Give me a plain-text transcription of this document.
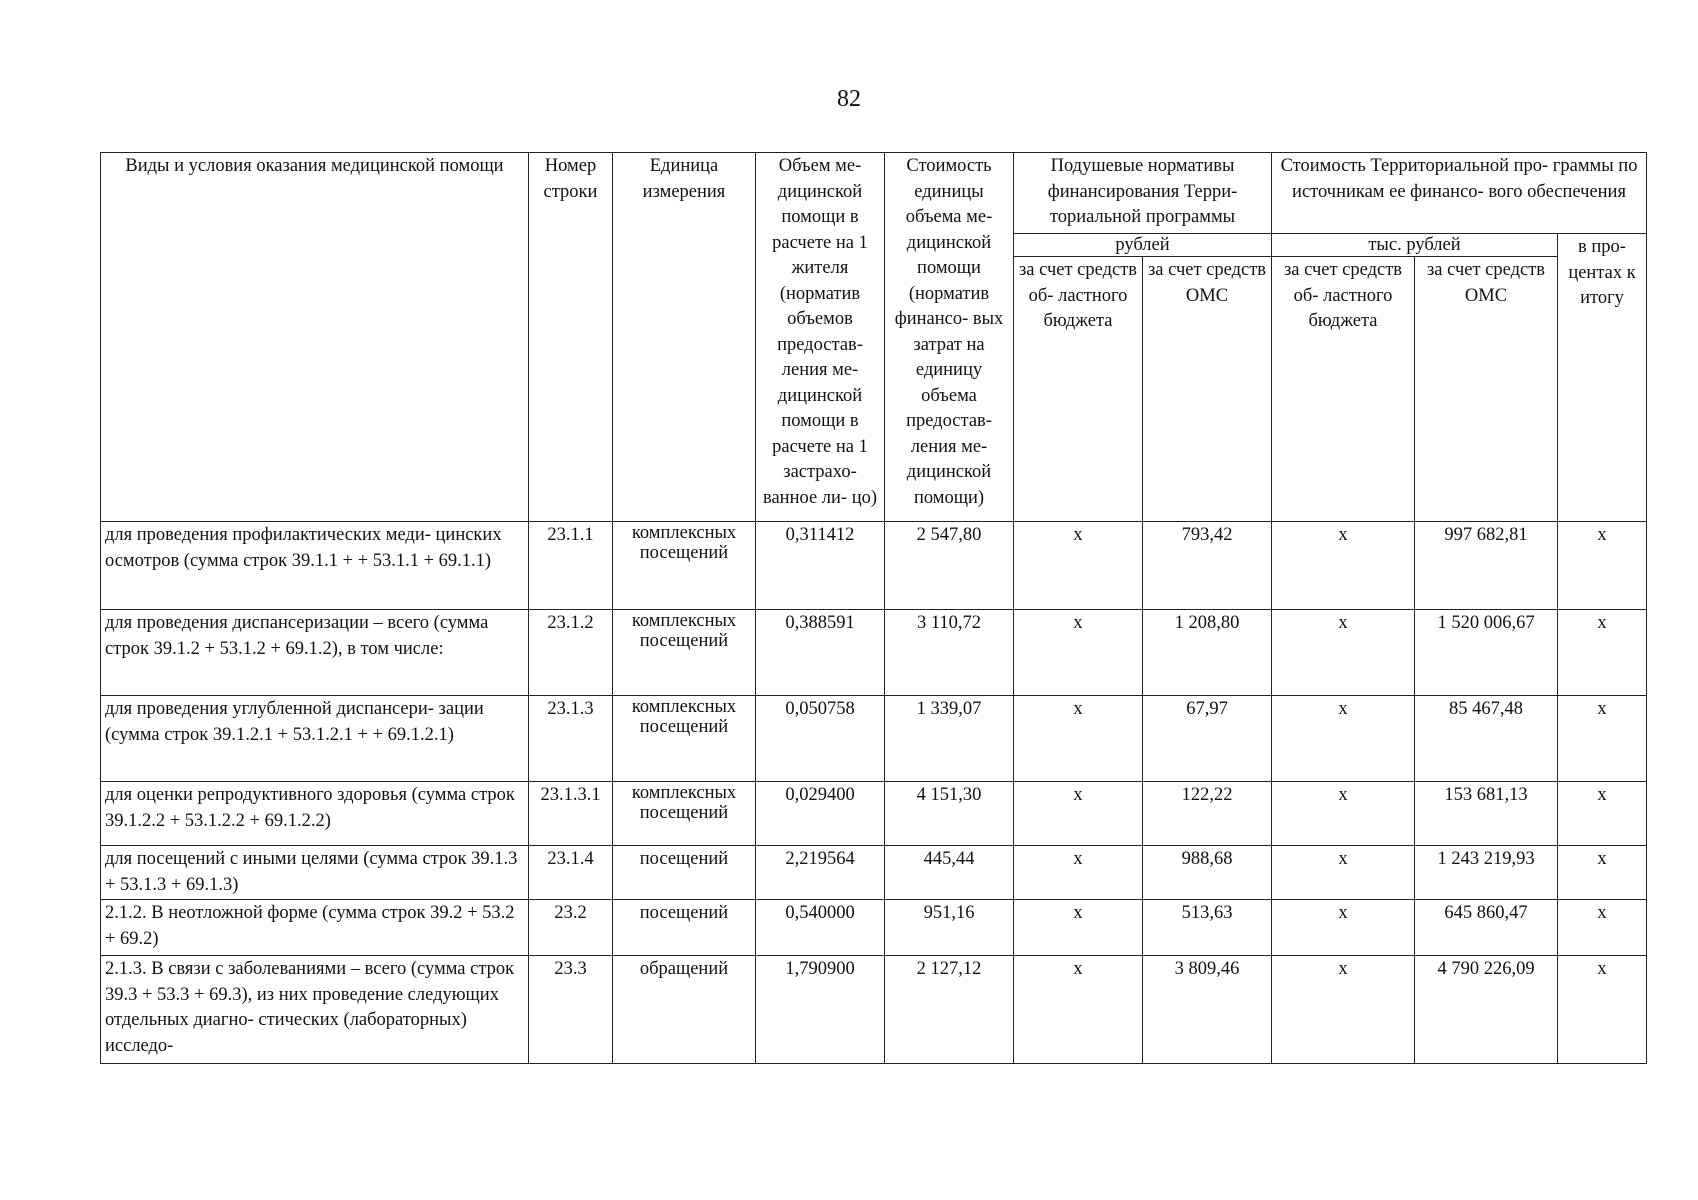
82
Виды и условия оказания медицинской помощи	Номер строки	Единица измерения	Объем ме- дицинской помощи в расчете на 1 жителя (норматив объемов предостав- ления ме- дицинской помощи в расчете на 1 застрахо- ванное ли- цо)	Стоимость единицы объема ме- дицинской помощи (норматив финансо- вых затрат на единицу объема предостав- ления ме- дицинской помощи)	Подушевые нормативы финансирования Терри- ториальной программы		Стоимость Территориальной про- граммы по источникам ее финансо- вого обеспечения		
					рублей		тыс. рублей		в про- центах к итогу
					за счет средств об- ластного бюджета	за счет средств ОМС	за счет средств об- ластного бюджета	за счет средств ОМС	
для проведения профилактических меди- цинских осмотров (сумма строк 39.1.1 + + 53.1.1 + 69.1.1)	23.1.1	комплексных посещений	0,311412	2 547,80	х	793,42	х	997 682,81	х
для проведения диспансеризации – всего (сумма строк 39.1.2 + 53.1.2 + 69.1.2), в том числе:	23.1.2	комплексных посещений	0,388591	3 110,72	х	1 208,80	х	1 520 006,67	х
для проведения углубленной диспансери- зации (сумма строк 39.1.2.1 + 53.1.2.1 + + 69.1.2.1)	23.1.3	комплексных посещений	0,050758	1 339,07	х	67,97	х	85 467,48	х
для оценки репродуктивного здоровья (сумма строк 39.1.2.2 + 53.1.2.2 + 69.1.2.2)	23.1.3.1	комплексных посещений	0,029400	4 151,30	х	122,22	х	153 681,13	х
для посещений с иными целями (сумма строк 39.1.3 + 53.1.3 + 69.1.3)	23.1.4	посещений	2,219564	445,44	х	988,68	х	1 243 219,93	х
2.1.2. В неотложной форме (сумма строк 39.2 + 53.2 + 69.2)	23.2	посещений	0,540000	951,16	х	513,63	х	645 860,47	х
2.1.3. В связи с заболеваниями – всего (сумма строк 39.3 + 53.3 + 69.3), из них проведение следующих отдельных диагно- стических (лабораторных) исследо-	23.3	обращений	1,790900	2 127,12	х	3 809,46	х	4 790 226,09	х
